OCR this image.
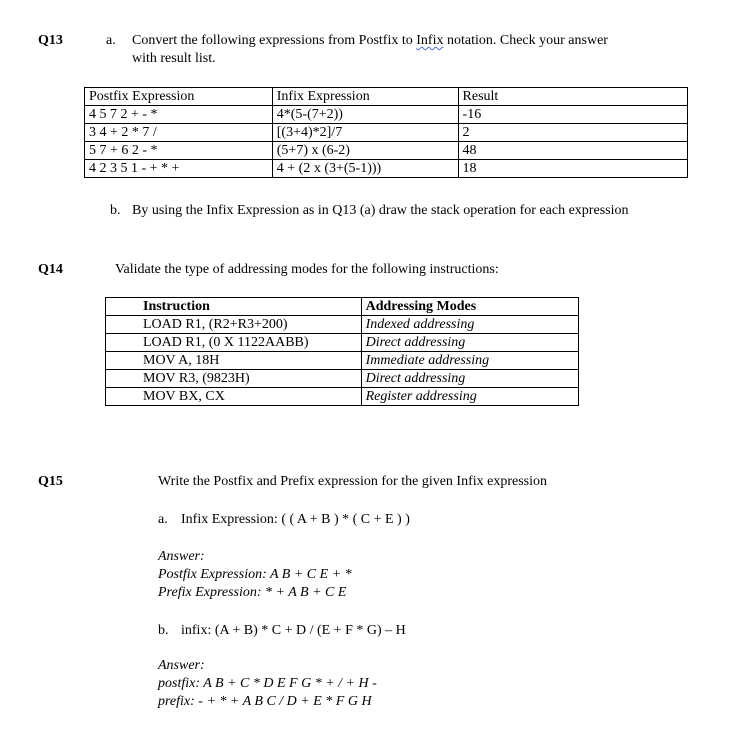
Q13	a. Convert the following expressions from Postfix to Infix notation. Check your answer
with result list.
Postfix Expression	Infix Expression	Result
4 5 7 2 + - *	4*(5-(7+2))	-16
3 4 + 2 * 7 /	[(3+4)*2]/7	2
5 7 + 6 2 - *	(5+7) x (6-2)	48
4 2 3 5 1 - + * +	4 + (2 x (3+(5-1)))	18
b. By using the Infix Expression as in Q13 (a) draw the stack operation for each expression
Q14	Validate the type of addressing modes for the following instructions:
Instruction	Addressing Modes
LOAD R1, (R2+R3+200)	Indexed addressing
LOAD R1, (0 X 1122AABB)	Direct addressing
MOV A, 18H	Immediate addressing
MOV R3, (9823H)	Direct addressing
MOV BX, CX	Register addressing
Q15	Write the Postfix and Prefix expression for the given Infix expression
a. Infix Expression: ( ( A + B ) * ( C + E ) )
Answer:
Postfix Expression: A B + C E + *
Prefix Expression: * + A B + C E
b. infix: (A + B) * C + D / (E + F * G) – H
Answer:
postfix: A B + C * D E F G * + / + H -
prefix: - + * + A B C / D + E * F G H
